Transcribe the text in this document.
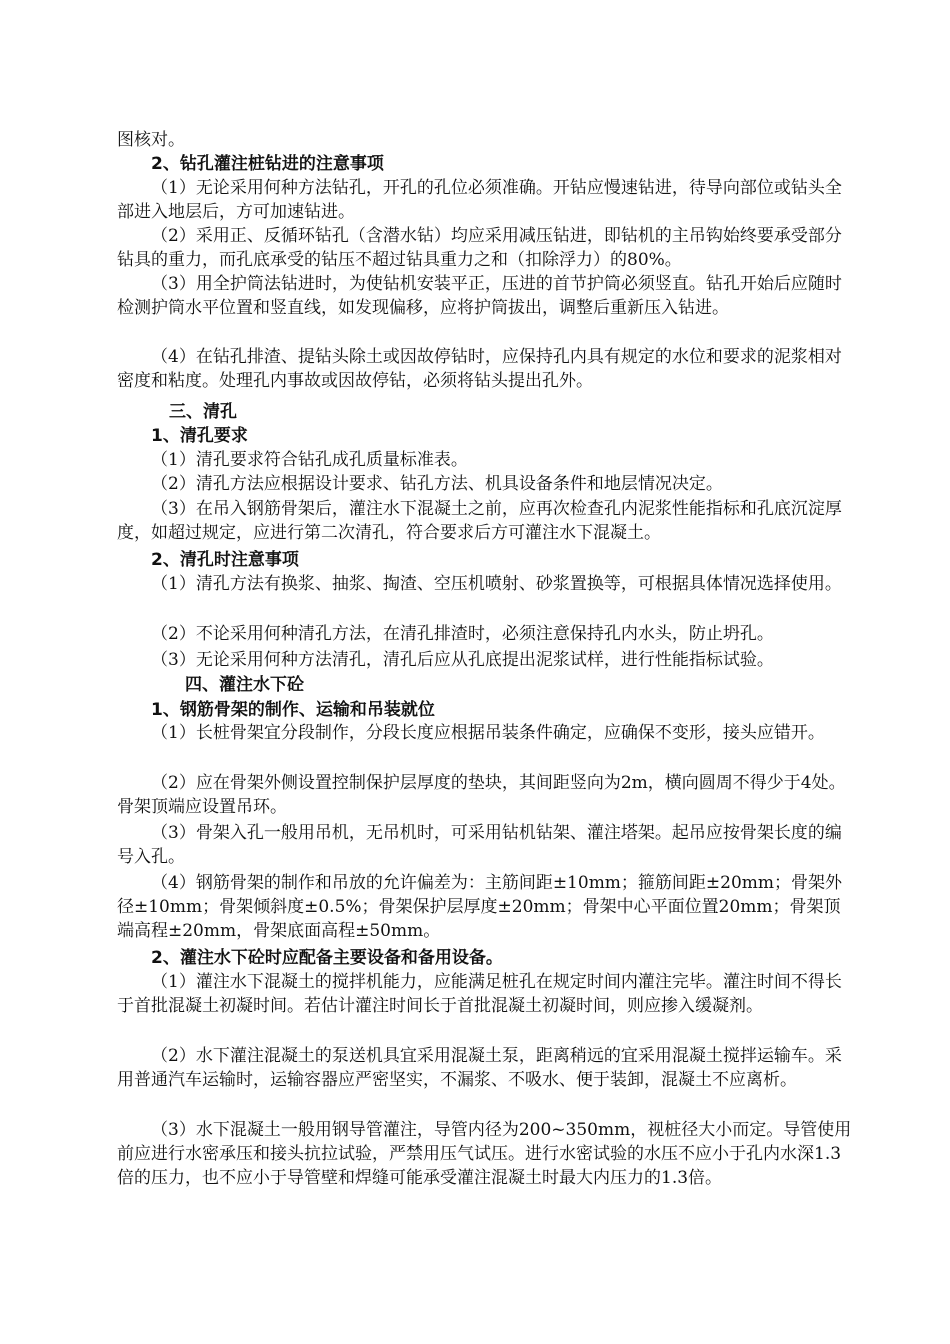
图核对。

2、钻孔灌注桩钻进的注意事项

（1）无论采用何种方法钻孔，开孔的孔位必须准确。开钻应慢速钻进，待导向部位或钻头全部进入地层后，方可加速钻进。

（2）采用正、反循环钻孔（含潜水钻）均应采用减压钻进，即钻机的主吊钩始终要承受部分钻具的重力，而孔底承受的钻压不超过钻具重力之和（扣除浮力）的80%。

（3）用全护筒法钻进时，为使钻机安装平正，压进的首节护筒必须竖直。钻孔开始后应随时检测护筒水平位置和竖直线，如发现偏移，应将护筒拔出，调整后重新压入钻进。

（4）在钻孔排渣、提钻头除土或因故停钻时，应保持孔内具有规定的水位和要求的泥浆相对密度和粘度。处理孔内事故或因故停钻，必须将钻头提出孔外。

三、清孔

1、清孔要求

（1）清孔要求符合钻孔成孔质量标准表。

（2）清孔方法应根据设计要求、钻孔方法、机具设备条件和地层情况决定。

（3）在吊入钢筋骨架后，灌注水下混凝土之前，应再次检查孔内泥浆性能指标和孔底沉淀厚度，如超过规定，应进行第二次清孔，符合要求后方可灌注水下混凝土。

2、清孔时注意事项

（1）清孔方法有换浆、抽浆、掏渣、空压机喷射、砂浆置换等，可根据具体情况选择使用。

（2）不论采用何种清孔方法，在清孔排渣时，必须注意保持孔内水头，防止坍孔。

（3）无论采用何种方法清孔，清孔后应从孔底提出泥浆试样，进行性能指标试验。

四、灌注水下砼

1、钢筋骨架的制作、运输和吊装就位

（1）长桩骨架宜分段制作，分段长度应根据吊装条件确定，应确保不变形，接头应错开。

（2）应在骨架外侧设置控制保护层厚度的垫块，其间距竖向为2m，横向圆周不得少于4处。骨架顶端应设置吊环。

（3）骨架入孔一般用吊机，无吊机时，可采用钻机钻架、灌注塔架。起吊应按骨架长度的编号入孔。

（4）钢筋骨架的制作和吊放的允许偏差为：主筋间距±10mm；箍筋间距±20mm；骨架外径±10mm；骨架倾斜度±0.5%；骨架保护层厚度±20mm；骨架中心平面位置20mm；骨架顶端高程±20mm，骨架底面高程±50mm。

2、灌注水下砼时应配备主要设备和备用设备。

（1）灌注水下混凝土的搅拌机能力，应能满足桩孔在规定时间内灌注完毕。灌注时间不得长于首批混凝土初凝时间。若估计灌注时间长于首批混凝土初凝时间，则应掺入缓凝剂。

（2）水下灌注混凝土的泵送机具宜采用混凝土泵，距离稍远的宜采用混凝土搅拌运输车。采用普通汽车运输时，运输容器应严密坚实，不漏浆、不吸水、便于装卸，混凝土不应离析。

（3）水下混凝土一般用钢导管灌注，导管内径为200~350mm，视桩径大小而定。导管使用前应进行水密承压和接头抗拉试验，严禁用压气试压。进行水密试验的水压不应小于孔内水深1.3倍的压力，也不应小于导管壁和焊缝可能承受灌注混凝土时最大内压力的1.3倍。
